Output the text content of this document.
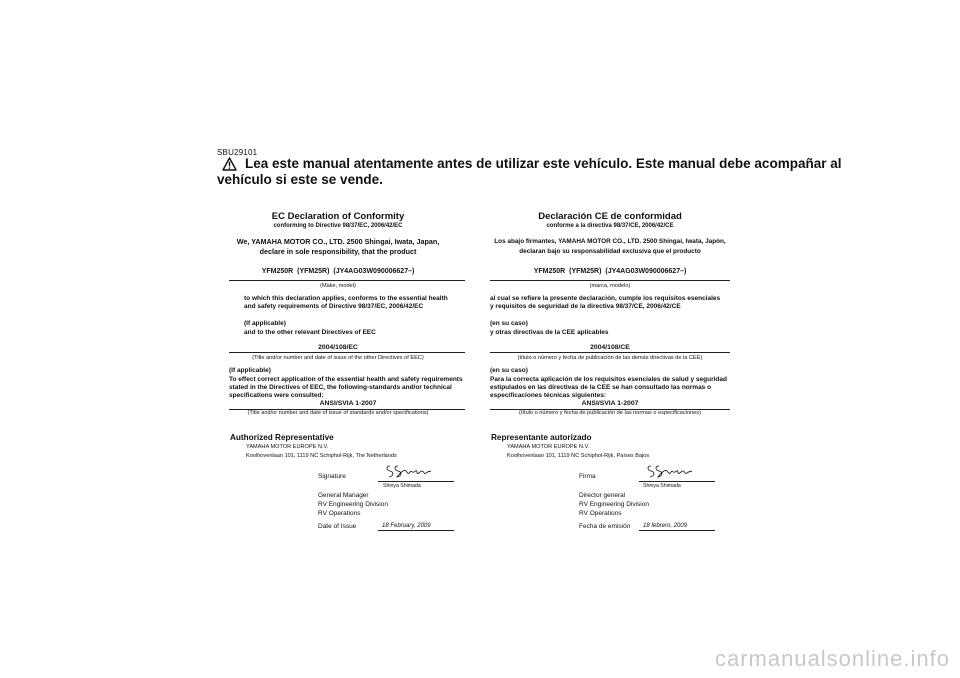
SBU29101
Lea este manual atentamente antes de utilizar este vehículo. Este manual debe acompañar al
vehículo si este se vende.
EC Declaration of Conformity
conforming to Directive 98/37/EC, 2006/42/EC
We, YAMAHA MOTOR CO., LTD. 2500 Shingai, Iwata, Japan,
declare in sole responsibility, that the product
YFM250R (YFM25R) (JY4AG03W090006627–)
(Make, model)
to which this declaration applies, conforms to the essential health
and safety requirements of Directive 98/37/EC, 2006/42/EC
(If applicable)
and to the other relevant Directives of EEC
2004/108/EC
(Title and/or number and date of issue of the other Directives of EEC)
(If applicable)
To effect correct application of the essential health and safety requirements
stated in the Directives of EEC, the following-standards and/or technical
specifications were consulted:
ANSI/SVIA 1-2007
(Title and/or number and date of issue of standards and/or specifications)
Authorized Representative
YAMAHA MOTOR EUROPE N.V.
Koolhovenlaan 101, 1119 NC Schiphol-Rijk, The Netherlands
Signature
Shinya Shimada
General Manager
RV Engineering Division
RV Operations
Date of Issue	18 February, 2009
Declaración CE de conformidad
conforme a la directiva 98/37/CE, 2006/42/CE
Los abajo firmantes, YAMAHA MOTOR CO., LTD. 2500 Shingai, Iwata, Japón,
declaran bajo su responsabilidad exclusiva que el producto
YFM250R (YFM25R) (JY4AG03W090006627–)
(marca, modelo)
al cual se refiere la presente declaración, cumple los requisitos esenciales
y requisitos de seguridad de la directiva 98/37/CE, 2006/42/CE
(en su caso)
y otras directivas de la CEE aplicables
2004/108/CE
(título o número y fecha de publicación de las demás directivas de la CEE)
(en su caso)
Para la correcta aplicación de los requisitos esenciales de salud y seguridad
estipulados en las directivas de la CEE se han consultado las normas o
especificaciones técnicas siguientes:
ANSI/SVIA 1-2007
(título o número y fecha de publicación de las normas o especificaciones)
Representante autorizado
YAMAHA MOTOR EUROPE N.V.
Koolhovenlaan 101, 1119 NC Schiphol-Rijk, Países Bajos
Firma
Shinya Shimada
Director general
RV Engineering Division
RV Operations
Fecha de emisión 18 febrero, 2009
carmanualsonline.info
